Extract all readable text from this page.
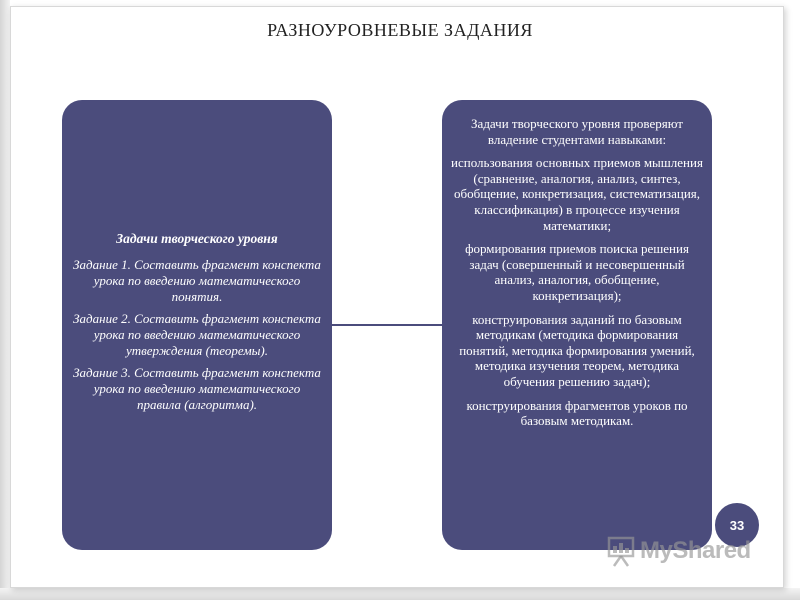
РАЗНОУРОВНЕВЫЕ ЗАДАНИЯ
Задачи творческого уровня
Задание 1. Составить фрагмент конспекта урока по введению математического понятия.
Задание 2. Составить фрагмент конспекта урока по введению математического утверждения (теоремы).
Задание 3. Составить фрагмент конспекта урока по введению математического правила (алгоритма).
Задачи творческого уровня проверяют владение студентами навыками:
использования основных приемов мышления (сравнение, аналогия, анализ, синтез, обобщение, конкретизация, систематизация, классификация) в процессе изучения математики;
формирования приемов поиска решения задач (совершенный и несовершенный анализ, аналогия, обобщение, конкретизация);
конструирования заданий по базовым методикам (методика формирования понятий, методика формирования умений, методика изучения теорем, методика обучения решению задач);
конструирования фрагментов уроков по базовым методикам.
33
MyShared
